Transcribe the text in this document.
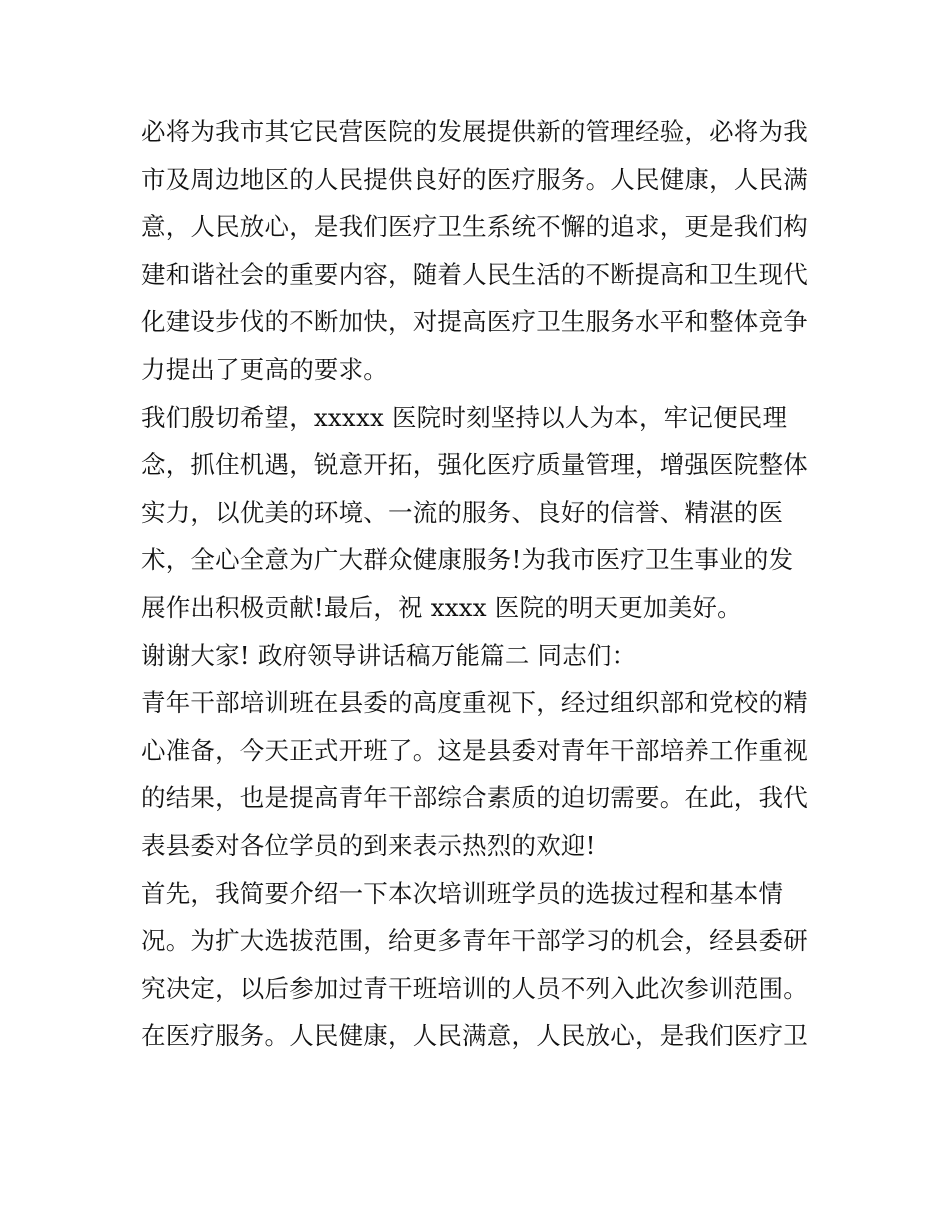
必将为我市其它民营医院的发展提供新的管理经验，必将为我
市及周边地区的人民提供良好的医疗服务。人民健康，人民满
意，人民放心，是我们医疗卫生系统不懈的追求，更是我们构
建和谐社会的重要内容，随着人民生活的不断提高和卫生现代
化建设步伐的不断加快，对提高医疗卫生服务水平和整体竞争
力提出了更高的要求。
我们殷切希望，xxxxx 医院时刻坚持以人为本，牢记便民理
念，抓住机遇，锐意开拓，强化医疗质量管理，增强医院整体
实力，以优美的环境、一流的服务、良好的信誉、精湛的医
术，全心全意为广大群众健康服务!为我市医疗卫生事业的发
展作出积极贡献!最后，祝 xxxx 医院的明天更加美好。
谢谢大家! 政府领导讲话稿万能篇二 同志们：
青年干部培训班在县委的高度重视下，经过组织部和党校的精
心准备，今天正式开班了。这是县委对青年干部培养工作重视
的结果，也是提高青年干部综合素质的迫切需要。在此，我代
表县委对各位学员的到来表示热烈的欢迎!
首先，我简要介绍一下本次培训班学员的选拔过程和基本情
况。为扩大选拔范围，给更多青年干部学习的机会，经县委研
究决定，以后参加过青干班培训的人员不列入此次参训范围。
在医疗服务。人民健康，人民满意，人民放心，是我们医疗卫
